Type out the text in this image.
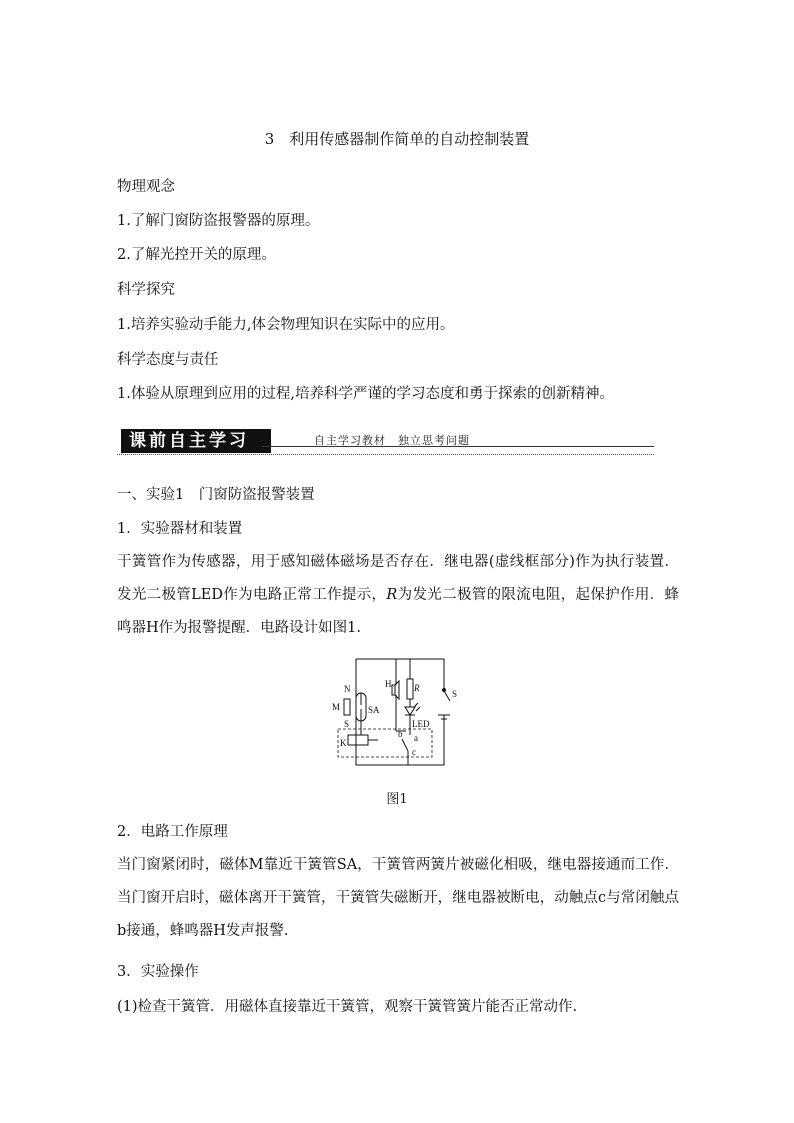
3　利用传感器制作简单的自动控制装置
物理观念
1.了解门窗防盗报警器的原理。
2.了解光控开关的原理。
科学探究
1.培养实验动手能力,体会物理知识在实际中的应用。
科学态度与责任
1.体验从原理到应用的过程,培养科学严谨的学习态度和勇于探索的创新精神。
课前自主学习	自主学习教材　独立思考问题
一、实验1　门窗防盗报警装置
1．实验器材和装置
干簧管作为传感器，用于感知磁体磁场是否存在．继电器(虚线框部分)作为执行装置．发光二极管LED作为电路正常工作提示，R为发光二极管的限流电阻，起保护作用．蜂鸣器H作为报警提醒．电路设计如图1.
N
M
S
SA
H	R
S
LED
K
b a
c
图1
2．电路工作原理
当门窗紧闭时，磁体M靠近干簧管SA，干簧管两簧片被磁化相吸，继电器接通而工作．当门窗开启时，磁体离开干簧管，干簧管失磁断开，继电器被断电，动触点c与常闭触点b接通，蜂鸣器H发声报警.
3．实验操作
(1)检查干簧管．用磁体直接靠近干簧管，观察干簧管簧片能否正常动作.
